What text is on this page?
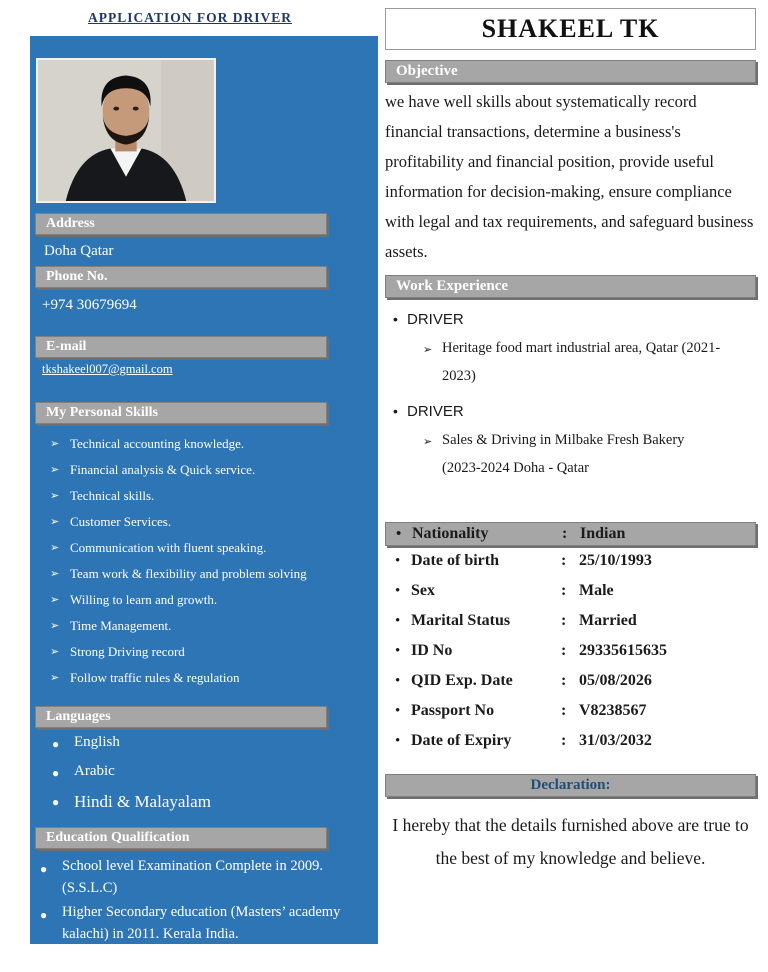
APPLICATION FOR DRIVER
Address
Doha Qatar
Phone No.
+974 30679694
E-mail
tkshakeel007@gmail.com
My Personal Skills
➢ Technical accounting knowledge.
➢ Financial analysis & Quick service.
➢ Technical skills.
➢ Customer Services.
➢ Communication with fluent speaking.
➢ Team work & flexibility and problem solving
➢ Willing to learn and growth.
➢ Time Management.
➢ Strong Driving record
➢ Follow traffic rules & regulation
Languages
● English
● Arabic
● Hindi & Malayalam
Education Qualification
●	School level Examination Complete in 2009. (S.S.L.C)
●	Higher Secondary education (Masters’ academy kalachi) in 2011. Kerala India.
●	B.com (Bachelor of Commerce ) 2014.
SHAKEEL TK
Objective
we have well skills about systematically record financial transactions, determine a business's profitability and financial position, provide useful information for decision-making, ensure compliance with legal and tax requirements, and safeguard business assets.
Work Experience
• DRIVER
➢ Heritage food mart industrial area, Qatar (2021-2023)
• DRIVER
➢ Sales & Driving in Milbake Fresh Bakery (2023-2024 Doha - Qatar
• Nationality	: Indian
• Date of birth	: 25/10/1993
• Sex	: Male
• Marital Status	: Married
• ID No	: 29335615635
• QID Exp. Date	: 05/08/2026
• Passport No	: V8238567
• Date of Expiry	: 31/03/2032
Declaration:
I hereby that the details furnished above are true to the best of my knowledge and believe.
